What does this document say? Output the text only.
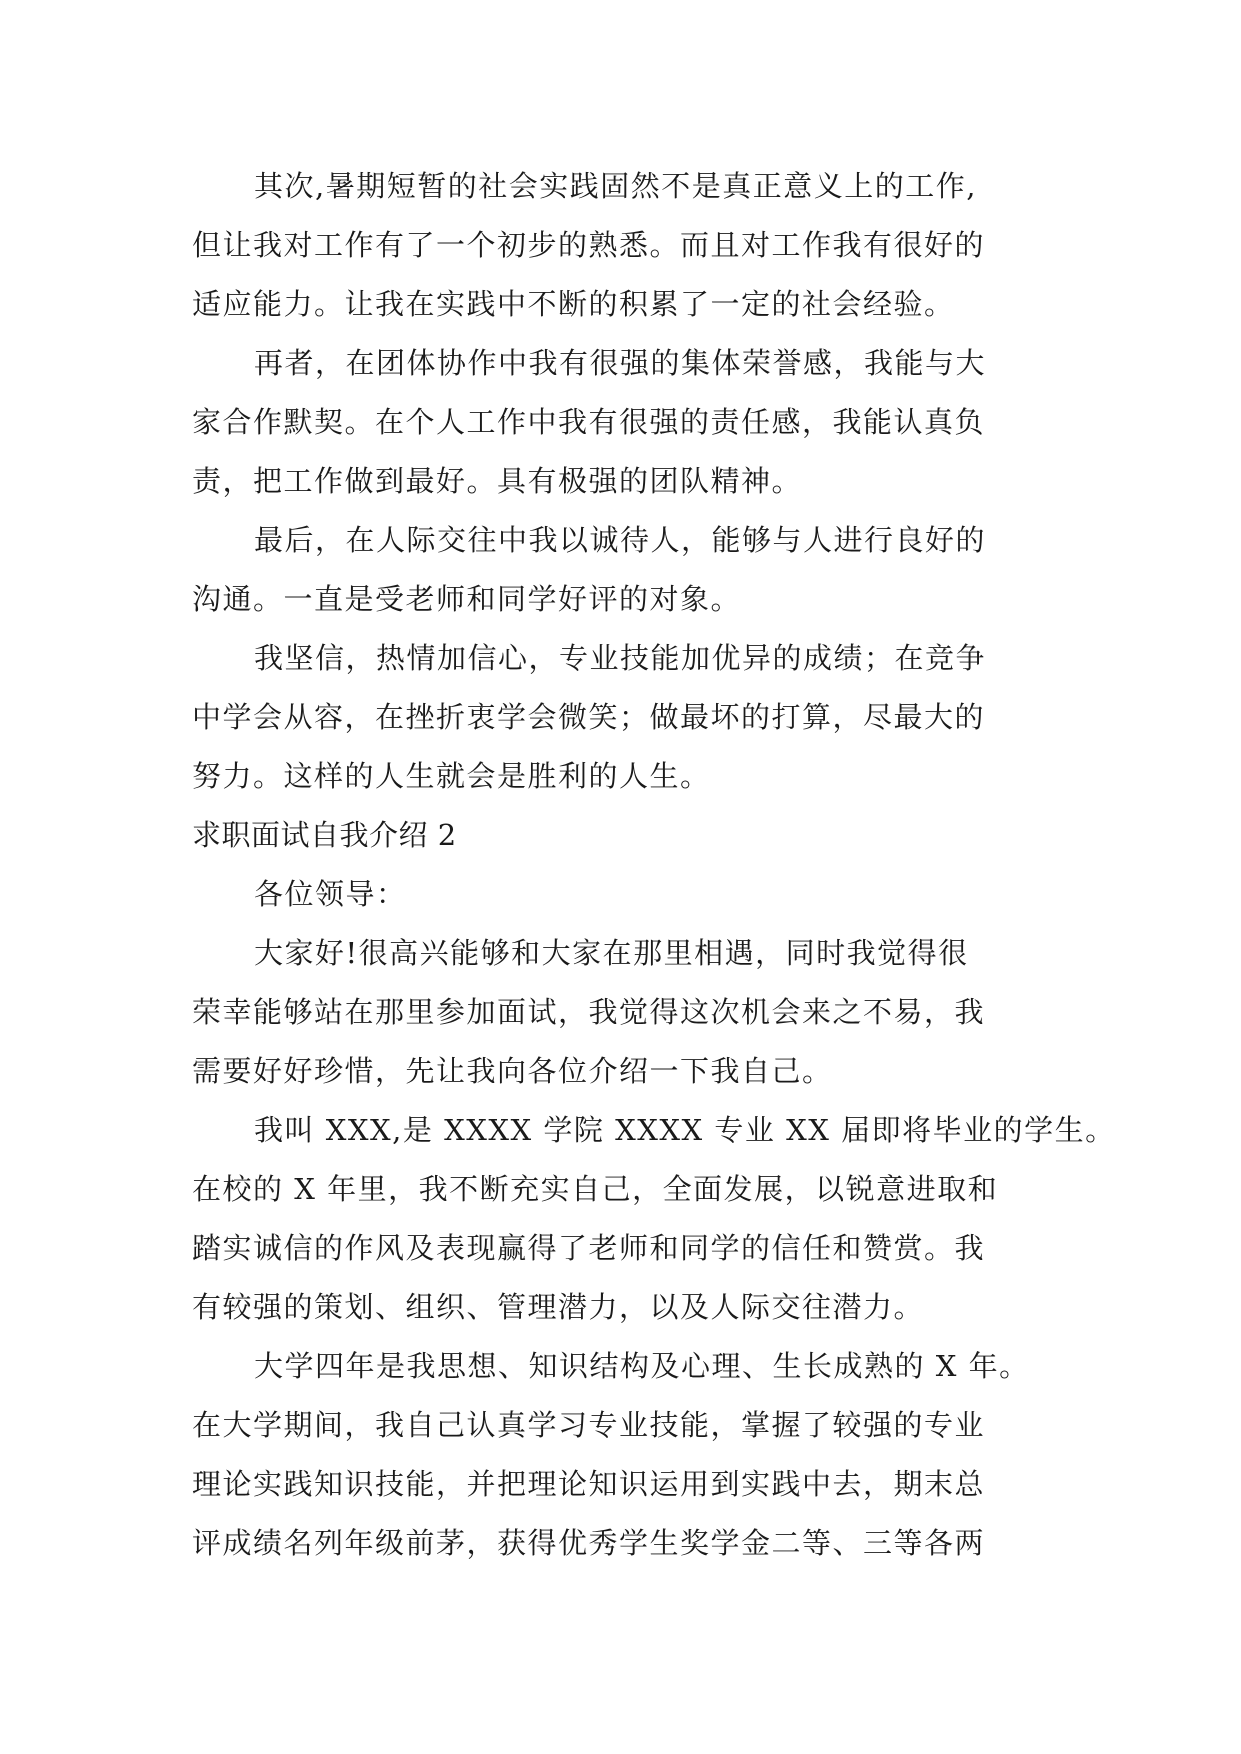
其次,暑期短暂的社会实践固然不是真正意义上的工作,
但让我对工作有了一个初步的熟悉。而且对工作我有很好的
适应能力。让我在实践中不断的积累了一定的社会经验。
再者，在团体协作中我有很强的集体荣誉感，我能与大
家合作默契。在个人工作中我有很强的责任感，我能认真负
责，把工作做到最好。具有极强的团队精神。
最后，在人际交往中我以诚待人，能够与人进行良好的
沟通。一直是受老师和同学好评的对象。
我坚信，热情加信心，专业技能加优异的成绩；在竞争
中学会从容，在挫折衷学会微笑；做最坏的打算，尽最大的
努力。这样的人生就会是胜利的人生。
求职面试自我介绍 2
各位领导：
大家好!很高兴能够和大家在那里相遇，同时我觉得很
荣幸能够站在那里参加面试，我觉得这次机会来之不易，我
需要好好珍惜，先让我向各位介绍一下我自己。
我叫 XXX,是 XXXX 学院 XXXX 专业 XX 届即将毕业的学生。
在校的 X 年里，我不断充实自己，全面发展，以锐意进取和
踏实诚信的作风及表现赢得了老师和同学的信任和赞赏。我
有较强的策划、组织、管理潜力，以及人际交往潜力。
大学四年是我思想、知识结构及心理、生长成熟的 X 年。
在大学期间，我自己认真学习专业技能，掌握了较强的专业
理论实践知识技能，并把理论知识运用到实践中去，期末总
评成绩名列年级前茅，获得优秀学生奖学金二等、三等各两
